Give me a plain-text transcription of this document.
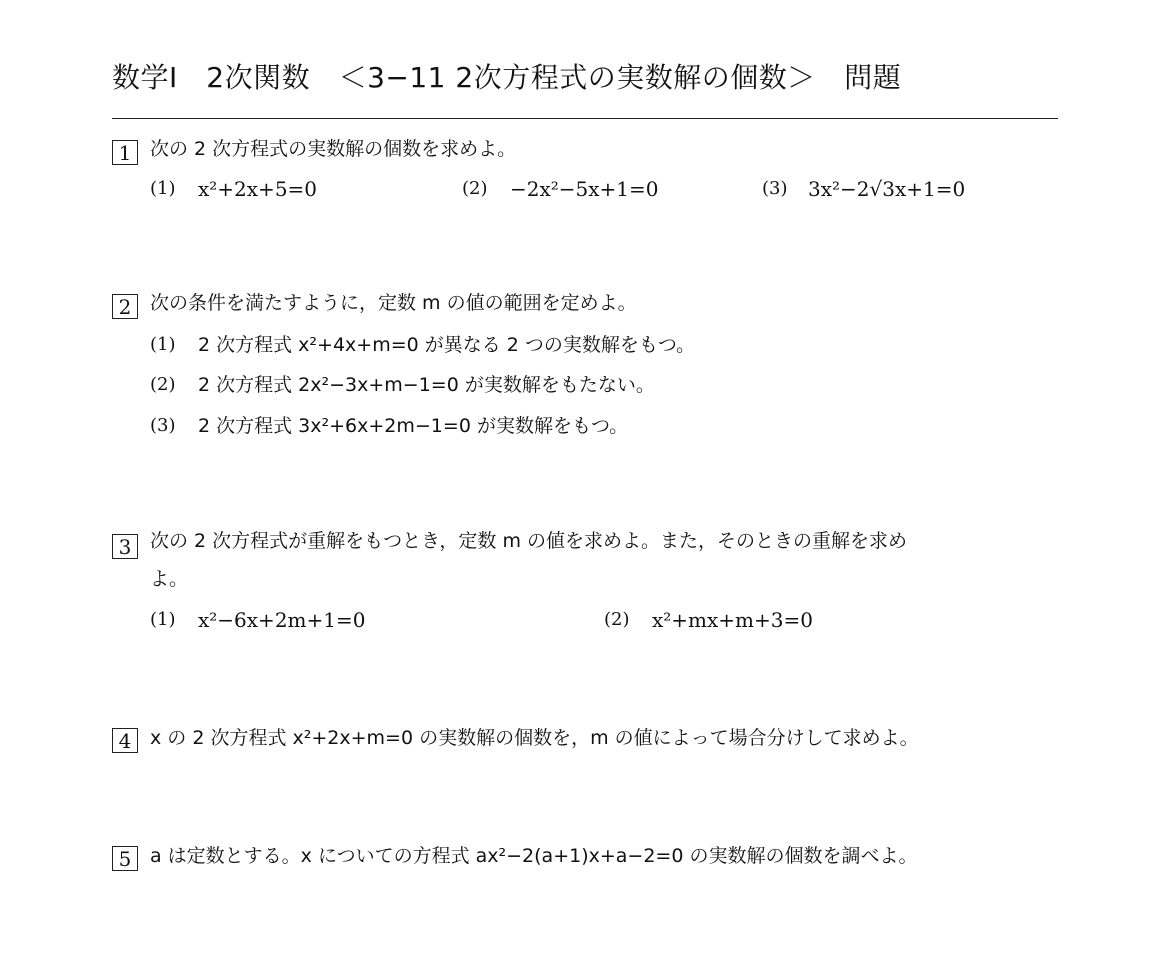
数学Ⅰ　2次関数　＜3−11 2次方程式の実数解の個数＞　問題
1 次の 2 次方程式の実数解の個数を求めよ。
(1) x²+2x+5=0	(2) −2x²−5x+1=0	(3) 3x²−2√3x+1=0
2 次の条件を満たすように，定数 m の値の範囲を定めよ。
(1) 2 次方程式 x²+4x+m=0 が異なる 2 つの実数解をもつ。
(2) 2 次方程式 2x²−3x+m−1=0 が実数解をもたない。
(3) 2 次方程式 3x²+6x+2m−1=0 が実数解をもつ。
3 次の 2 次方程式が重解をもつとき，定数 m の値を求めよ。また，そのときの重解を求め
よ。
(1) x²−6x+2m+1=0	(2) x²+mx+m+3=0
4 x の 2 次方程式 x²+2x+m=0 の実数解の個数を，m の値によって場合分けして求めよ。
5 a は定数とする。x についての方程式 ax²−2(a+1)x+a−2=0 の実数解の個数を調べよ。
